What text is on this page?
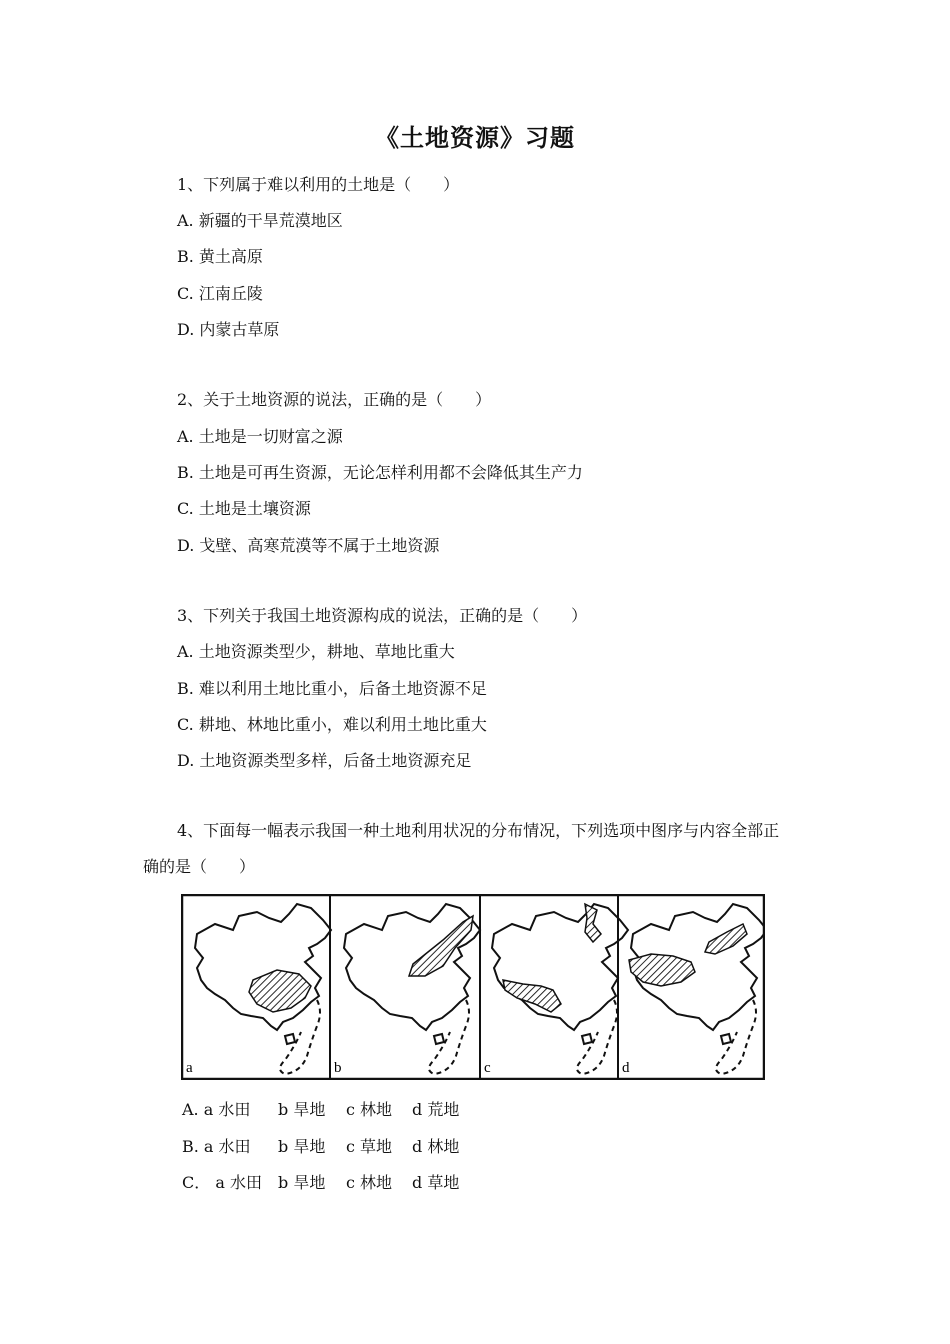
《土地资源》习题
1、下列属于难以利用的土地是（　　）
A. 新疆的干旱荒漠地区
B. 黄土高原
C. 江南丘陵
D. 内蒙古草原
2、关于土地资源的说法，正确的是（　　）
A. 土地是一切财富之源
B. 土地是可再生资源，无论怎样利用都不会降低其生产力
C. 土地是土壤资源
D. 戈壁、高寒荒漠等不属于土地资源
3、下列关于我国土地资源构成的说法，正确的是（　　）
A. 土地资源类型少，耕地、草地比重大
B. 难以利用土地比重小，后备土地资源不足
C. 耕地、林地比重小，难以利用土地比重大
D. 土地资源类型多样，后备土地资源充足
4、下面每一幅表示我国一种土地利用状况的分布情况，下列选项中图序与内容全部正
确的是（　　）
a	b	c	d
A. a 水田 b 旱地 c 林地 d 荒地
B. a 水田 b 旱地 c 草地 d 林地
C． a 水田 b 旱地 c 林地 d 草地
